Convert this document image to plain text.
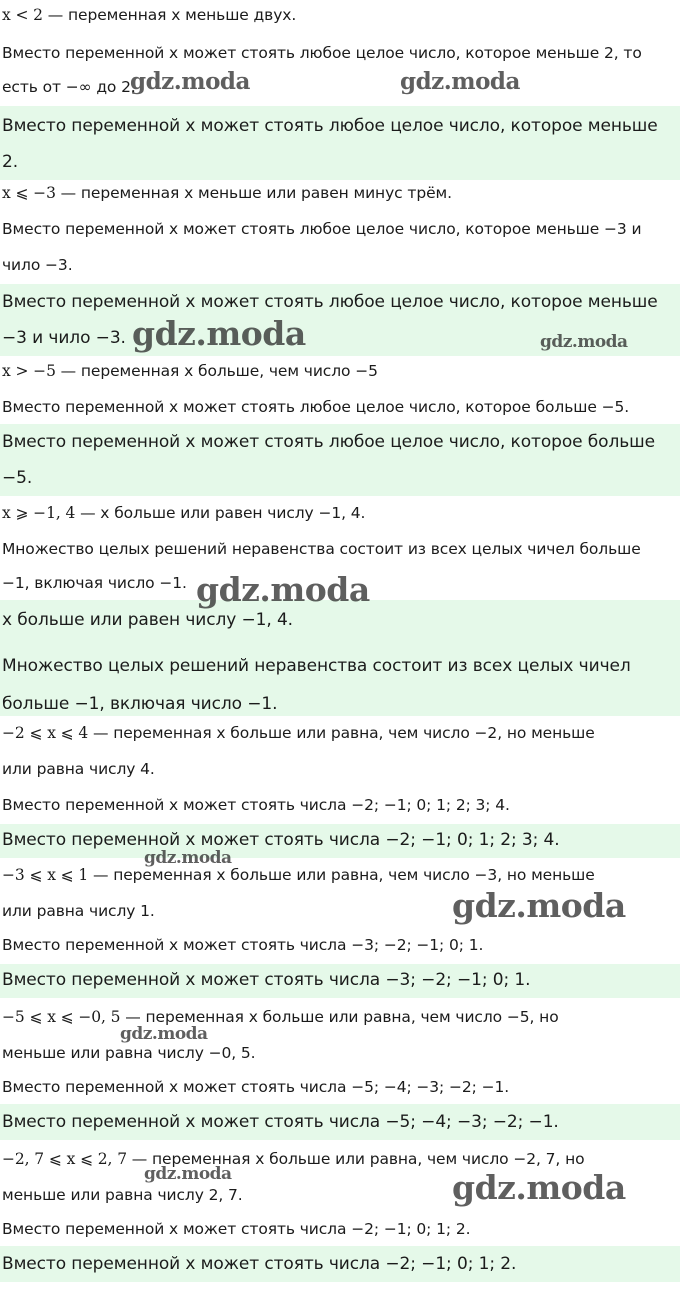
x < 2 — переменная x меньше двух.
Вместо переменной x может стоять любое целое число, которое меньше 2, то
есть от −∞ до 2.
Вместо переменной x может стоять любое целое число, которое меньше
2.
x ⩽ −3 — переменная x меньше или равен минус трём.
Вместо переменной x может стоять любое целое число, которое меньше −3 и
чило −3.
Вместо переменной x может стоять любое целое число, которое меньше
−3 и чило −3.
x > −5 — переменная x больше, чем число −5
Вместо переменной x может стоять любое целое число, которое больше −5.
Вместо переменной x может стоять любое целое число, которое больше
−5.
x ⩾ −1, 4 — x больше или равен числу −1, 4.
Множество целых решений неравенства состоит из всех целых чичел больше
−1, включая число −1.
x больше или равен числу −1, 4.
Множество целых решений неравенства состоит из всех целых чичел
больше −1, включая число −1.
−2 ⩽ x ⩽ 4 — переменная x больше или равна, чем число −2, но меньше
или равна числу 4.
Вместо переменной x может стоять числа −2; −1; 0; 1; 2; 3; 4.
Вместо переменной x может стоять числа −2; −1; 0; 1; 2; 3; 4.
−3 ⩽ x ⩽ 1 — переменная x больше или равна, чем число −3, но меньше
или равна числу 1.
Вместо переменной x может стоять числа −3; −2; −1; 0; 1.
Вместо переменной x может стоять числа −3; −2; −1; 0; 1.
−5 ⩽ x ⩽ −0, 5 — переменная x больше или равна, чем число −5, но
меньше или равна числу −0, 5.
Вместо переменной x может стоять числа −5; −4; −3; −2; −1.
Вместо переменной x может стоять числа −5; −4; −3; −2; −1.
−2, 7 ⩽ x ⩽ 2, 7 — переменная x больше или равна, чем число −2, 7, но
меньше или равна числу 2, 7.
Вместо переменной x может стоять числа −2; −1; 0; 1; 2.
Вместо переменной x может стоять числа −2; −1; 0; 1; 2.
gdz.moda	gdz.moda
gdz.moda	gdz.moda
gdz.moda
gdz.moda
gdz.moda
gdz.moda
gdz.moda	gdz.moda
